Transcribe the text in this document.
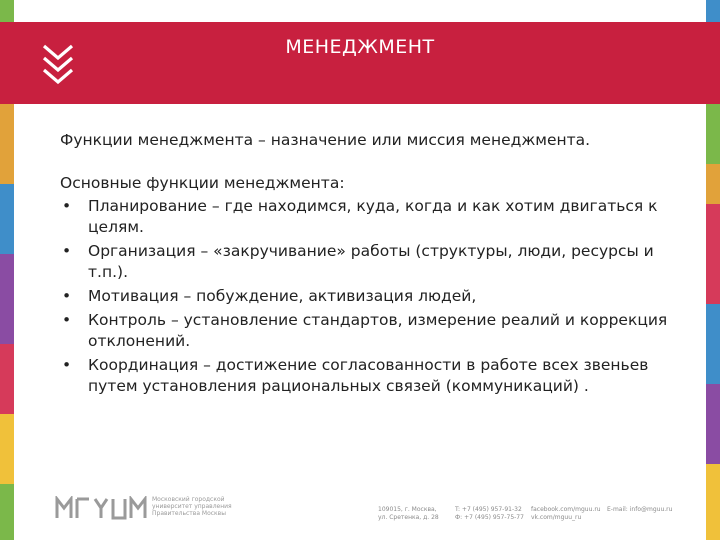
МЕНЕДЖМЕНТ

Функции менеджмента – назначение или миссия менеджмента.

Основные функции менеджмента:

• Планирование – где находимся, куда, когда и как хотим двигаться к целям.
• Организация – «закручивание» работы (структуры, люди, ресурсы и т.п.).
• Мотивация – побуждение, активизация людей,
• Контроль – установление стандартов, измерение реалий и коррекция отклонений.
• Координация – достижение согласованности в работе всех звеньев путем установления рациональных связей (коммуникаций) .
Московский городской университет управления Правительства Москвы
109015, г. Москва,
ул. Сретенка, д. 28
T: +7 (495) 957-91-32
Ф: +7 (495) 957-75-77
facebook.com/mguu.ru
vk.com/mguu_ru
E-mail: info@mguu.ru
